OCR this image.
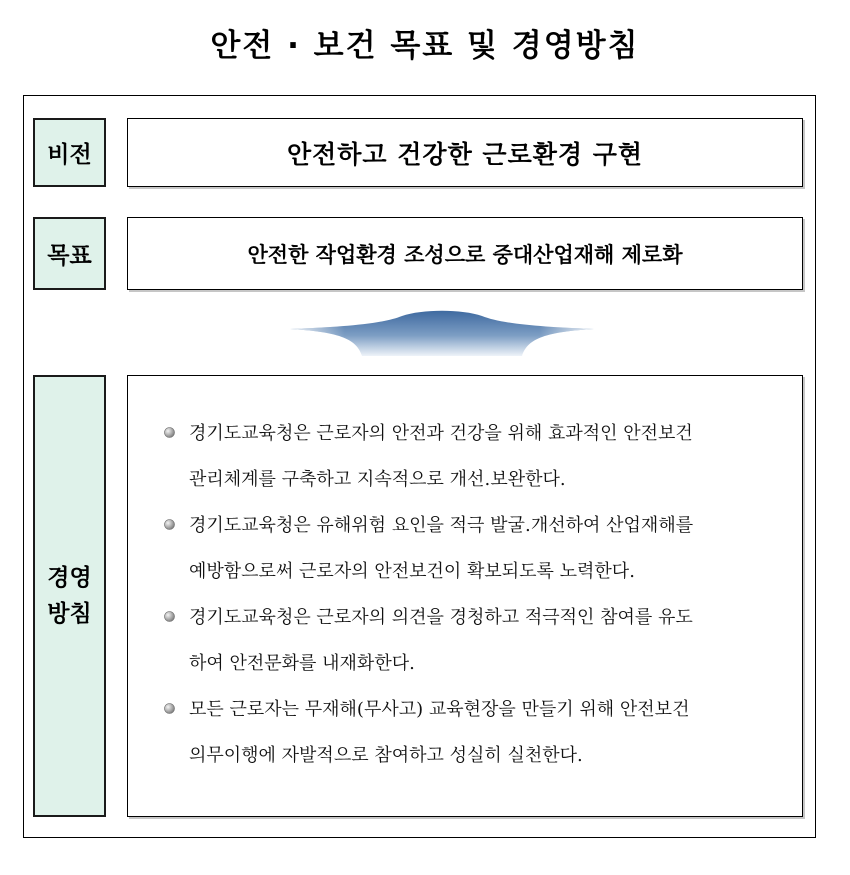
안전 · 보건 목표 및 경영방침
비전	안전하고 건강한 근로환경 구현
목표	안전한 작업환경 조성으로 중대산업재해 제로화
경영
방침
경기도교육청은 근로자의 안전과 건강을 위해 효과적인 안전보건
관리체계를 구축하고 지속적으로 개선․보완한다.
경기도교육청은 유해위험 요인을 적극 발굴․개선하여 산업재해를
예방함으로써 근로자의 안전보건이 확보되도록 노력한다.
경기도교육청은 근로자의 의견을 경청하고 적극적인 참여를 유도
하여 안전문화를 내재화한다.
모든 근로자는 무재해(무사고) 교육현장을 만들기 위해 안전보건
의무이행에 자발적으로 참여하고 성실히 실천한다.
